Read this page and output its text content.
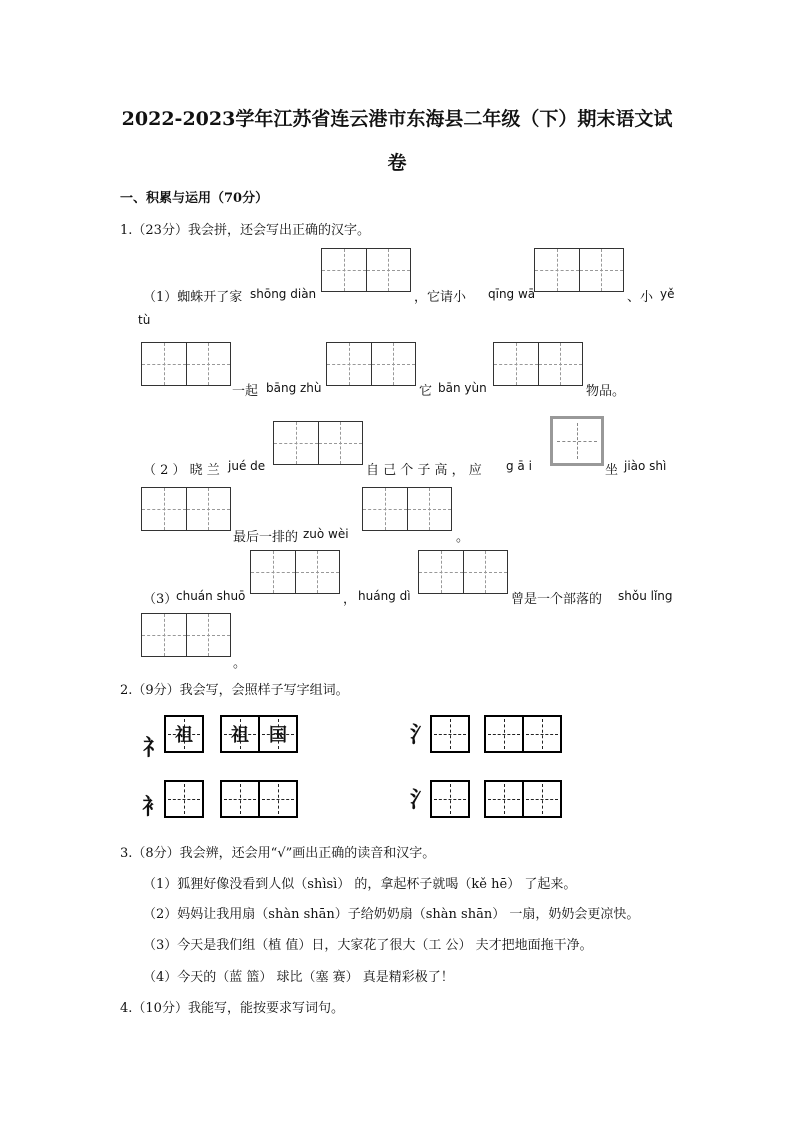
2022-2023学年江苏省连云港市东海县二年级（下）期末语文试
卷
一、积累与运用（70分）
1.（23分）我会拼，还会写出正确的汉字。
（1）蜘蛛开了家 shōng diàn	，它请小 qīng wā	、小 yě
tù
一起 bāng zhù	它 bān yùn	物品。
（ 2 ） 晓 兰 jué de	自 己 个 子 高 ， 应 g ā i	坐 jiào shì
最后一排的 zuò wèi	。
（3）
chuán shuō	， huáng dì	曾是一个部落的 shǒu lǐng
。
2.（9分）我会写，会照样子写字组词。
礻 祖	祖	国	氵
衤	氵
3.（8分）我会辨，还会用“√”画出正确的读音和汉字。
（1）狐狸好像没看到人似（shìsì） 的，拿起杯子就喝（kě hē） 了起来。
（2）妈妈让我用扇（shàn shān）子给奶奶扇（shàn shān） 一扇，奶奶会更凉快。
（3）今天是我们组（植 值）日，大家花了很大（工 公） 夫才把地面拖干净。
（4）今天的（蓝 篮） 球比（塞 赛） 真是精彩极了！
4.（10分）我能写，能按要求写词句。
